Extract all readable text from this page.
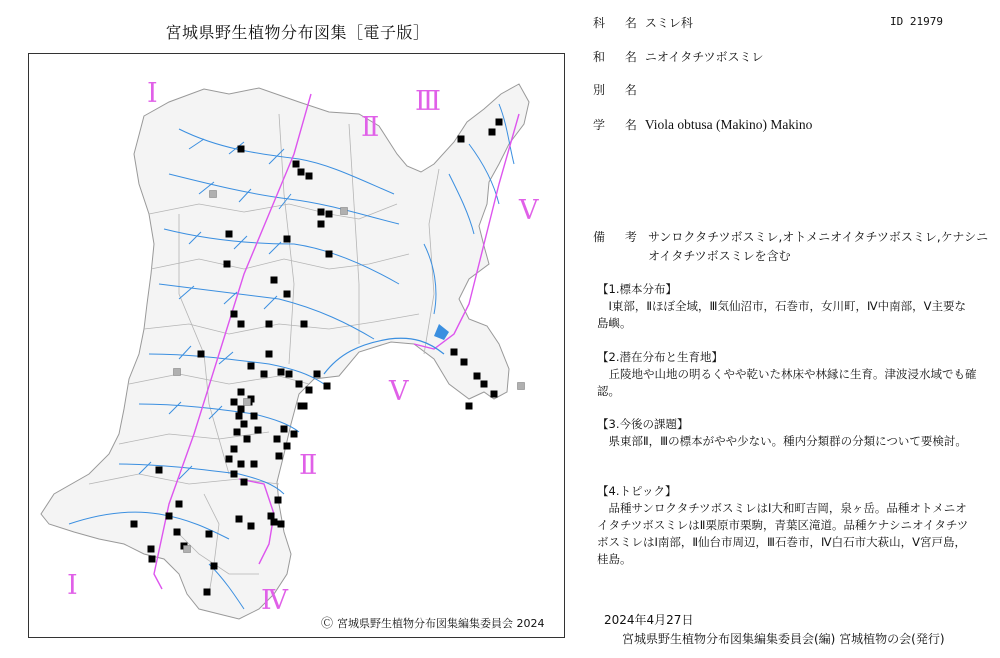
宮城県野生植物分布図集［電子版］
Ⅰ
Ⅱ
Ⅲ
Ⅴ
Ⅴ
Ⅱ
Ⅰ	Ⅳ
Ⓒ 宮城県野生植物分布図集編集委員会 2024
科 名 スミレ科	ID 21979
和 名 ニオイタチツボスミレ
別 名
学 名 Viola obtusa (Makino) Makino
備 考 サンロクタチツボスミレ,オトメニオイタチツボスミレ,ケナシニオイタチツボスミレを含む
【1.標本分布】
Ⅰ東部，Ⅱほぼ全域，Ⅲ気仙沼市，石巻市，女川町，Ⅳ中南部，Ⅴ主要な島嶼。
【2.潜在分布と生育地】
丘陵地や山地の明るくやや乾いた林床や林縁に生育。津波浸水域でも確認。
【3.今後の課題】
県東部Ⅱ，Ⅲの標本がやや少ない。種内分類群の分類について要検討。
【4.トピック】
品種サンロクタチツボスミレはⅠ大和町吉岡，泉ヶ岳。品種オトメニオイタチツボスミレはⅡ栗原市栗駒，青葉区滝道。品種ケナシニオイタチツボスミレはⅠ南部，Ⅱ仙台市周辺，Ⅲ石巻市，Ⅳ白石市大萩山，Ⅴ宮戸島，桂島。
2024年4月27日
宮城県野生植物分布図集編集委員会(編) 宮城植物の会(発行)
